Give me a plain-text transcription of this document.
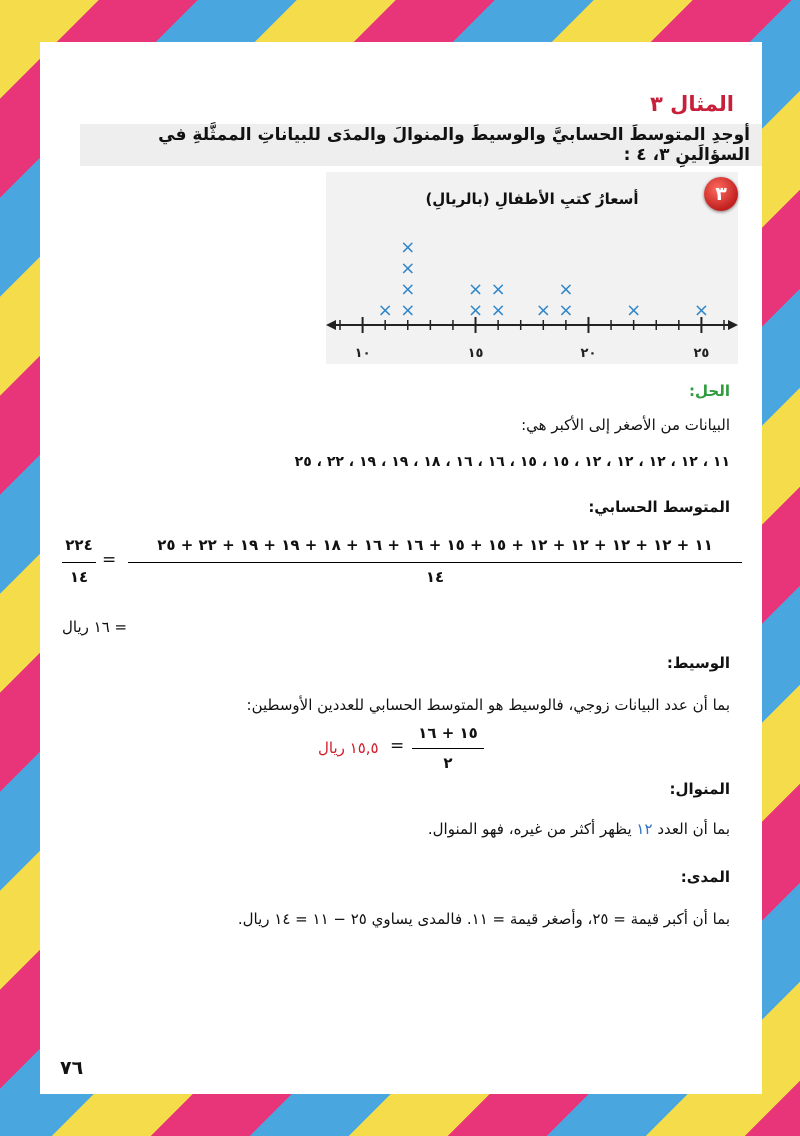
المثال ٣
أوجدِ المتوسطَ الحسابيَّ والوسيطَ والمنوالَ والمدَى للبياناتِ الممثَّلةِ في السؤالَينِ ٣، ٤ :
أسعارُ كتبِ الأطفالِ (بالريالِ)
١٠	١٥	٢٠	٢٥
× ×
×
×
×
×
×
×
×
× ×
×
×	×
٣
الحل:
البيانات من الأصغر إلى الأكبر هي:
١١ ، ١٢ ، ١٢ ، ١٢ ، ١٢ ، ١٥ ، ١٥ ، ١٦ ، ١٦ ، ١٨ ، ١٩ ، ١٩ ، ٢٢ ، ٢٥
المتوسط الحسابي:
١١ + ١٢ + ١٢ + ١٢ + ١٢ + ١٥ + ١٥ + ١٦ + ١٦ + ١٨ + ١٩ + ١٩ + ٢٢ + ٢٥
١٤
=
٢٢٤
١٤
= ١٦ ريال
الوسيط:
بما أن عدد البيانات زوجي، فالوسيط هو المتوسط الحسابي للعددين الأوسطين:
١٥ + ١٦
٢
=
١٥,٥ ريال
المنوال:
بما أن العدد ١٢ يظهر أكثر من غيره، فهو المنوال.
المدى:
بما أن أكبر قيمة = ٢٥، وأصغر قيمة = ١١. فالمدى يساوي ٢٥ − ١١ = ١٤ ريال.
٧٦
